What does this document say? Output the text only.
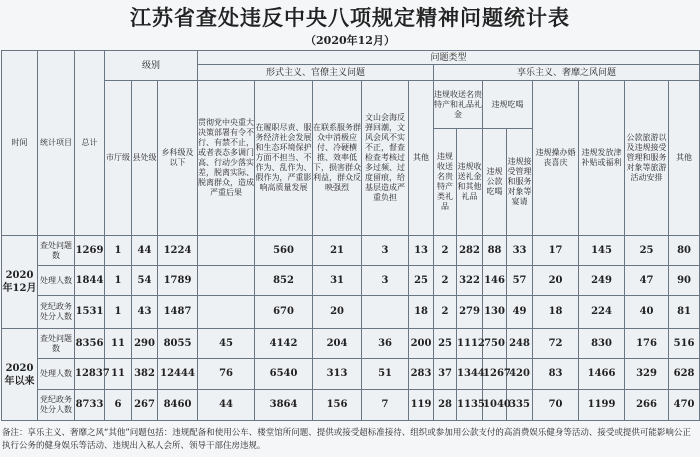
江苏省查处违反中央八项规定精神问题统计表
（2020年12月）
时间	统计项目	总计	级别			问题类型												
						形式主义、官僚主义问题					享乐主义、奢靡之风问题							
			市厅级	县处级	乡科级及以下	贯彻党中央重大决策部署有令不行、有禁不止，或者表态多调门高、行动少落实差，脱离实际、脱离群众，造成严重后果	在履职尽责、服务经济社会发展和生态环境保护方面不担当、不作为、乱作为、假作为，严重影响高质量发展	在联系服务群众中消极应付、冷硬横推、效率低下，损害群众利益，群众反映强烈	文山会海反弹回潮，文风会风不实不正，督查检查考核过多过频、过度留痕，给基层造成严重负担	其他	违规收送名贵特产和礼品礼金		违规吃喝		违规操办婚丧喜庆	违规发放津补贴或福利	公款旅游以及违规接受管理和服务对象等旅游活动安排	其他
											违规收送名贵特产类礼品	违规收送礼金和其他礼品	违规公款吃喝	违规接受管理和服务对象等宴请				
2020年12月	查处问题数	1269	1	44	1224		560	21	3	13	2	282	88	33	17	145	25	80
	处理人数	1844	1	54	1789		852	31	3	25	2	322	146	57	20	249	47	90
	党纪政务处分人数	1531	1	43	1487		670	20		18	2	279	130	49	18	224	40	81
2020年以来	查处问题数	8356	11	290	8055	45	4142	204	36	200	25	1112	750	248	72	830	176	516
	处理人数	12837	11	382	12444	76	6540	313	51	283	37	1344	1267	420	83	1466	329	628
	党纪政务处分人数	8733	6	267	8460	44	3864	156	7	119	28	1135	1040	335	70	1199	266	470
备注：享乐主义、奢靡之风“其他”问题包括：违规配备和使用公车、楼堂馆所问题、提供或接受超标准接待、组织或参加用公款支付的高消费娱乐健身等活动、接受或提供可能影响公正执行公务的健身娱乐等活动、违规出入私人会所、领导干部住房违规。
